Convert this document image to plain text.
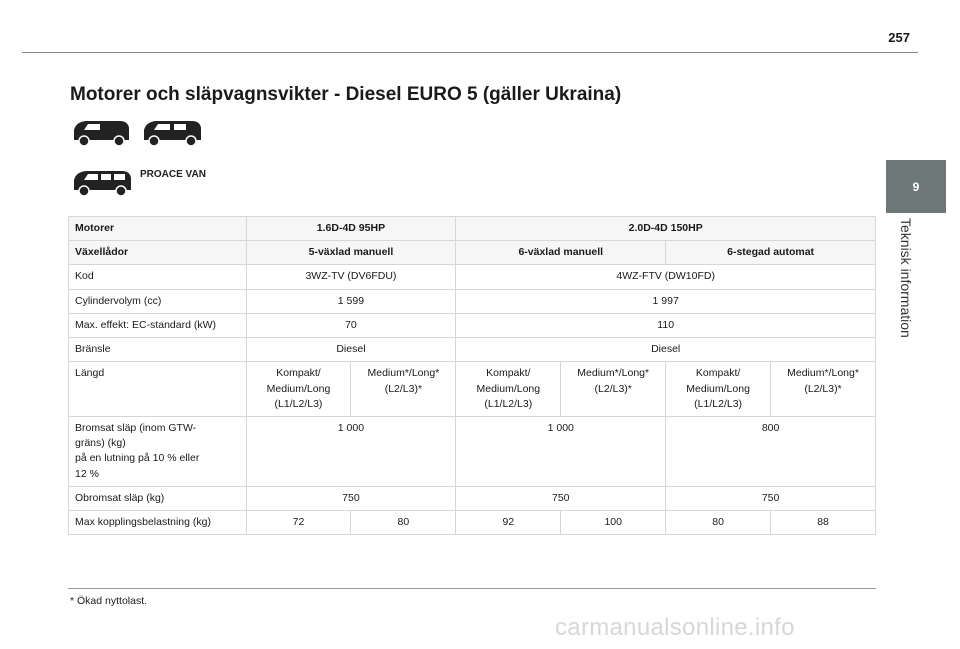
257
Motorer och släpvagnsvikter - Diesel EURO 5 (gäller Ukraina)
9
Teknisk information
PROACE VAN
Motorer	1.6D-4D 95HP		2.0D-4D 150HP			
Växellådor	5-växlad manuell		6-växlad manuell		6-stegad automat	
Kod	3WZ-TV (DV6FDU)		4WZ-FTV (DW10FD)			
Cylindervolym (cc)	1 599		1 997			
Max. effekt: EC-standard (kW)	70		110			
Bränsle	Diesel		Diesel			
Längd	Kompakt/
Medium/Long
(L1/L2/L3)	Medium*/Long*
(L2/L3)*	Kompakt/
Medium/Long
(L1/L2/L3)	Medium*/Long*
(L2/L3)*	Kompakt/
Medium/Long
(L1/L2/L3)	Medium*/Long*
(L2/L3)*
Bromsat släp (inom GTW-
gräns) (kg)
på en lutning på 10 % eller
12 %	1 000		1 000		800	
Obromsat släp (kg)	750		750		750	
Max kopplingsbelastning (kg)	72	80	92	100	80	88
* Ökad nyttolast.
carmanualsonline.info
